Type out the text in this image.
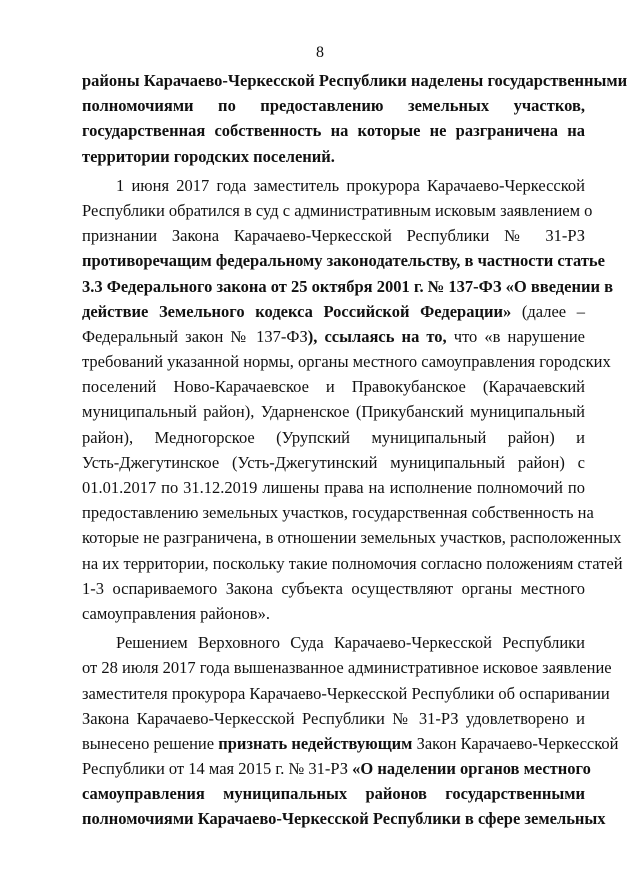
8
районы Карачаево-Черкесской Республики наделены государственными
полномочиями по предоставлению земельных участков,
государственная собственность на которые не разграничена на
территории городских поселений.
1 июня 2017 года заместитель прокурора Карачаево-Черкесской
Республики обратился в суд с административным исковым заявлением о
признании Закона Карачаево-Черкесской Республики № 31-РЗ
противоречащим федеральному законодательству, в частности статье
3.3 Федерального закона от 25 октября 2001 г. № 137-ФЗ «О введении в
действие Земельного кодекса Российской Федерации» (далее –
Федеральный закон № 137-ФЗ), ссылаясь на то, что «в нарушение
требований указанной нормы, органы местного самоуправления городских
поселений Ново-Карачаевское и Правокубанское (Карачаевский
муниципальный район), Ударненское (Прикубанский муниципальный
район), Медногорское (Урупский муниципальный район) и
Усть-Джегутинское (Усть-Джегутинский муниципальный район) с
01.01.2017 по 31.12.2019 лишены права на исполнение полномочий по
предоставлению земельных участков, государственная собственность на
которые не разграничена, в отношении земельных участков, расположенных
на их территории, поскольку такие полномочия согласно положениям статей
1-3 оспариваемого Закона субъекта осуществляют органы местного
самоуправления районов».
Решением Верховного Суда Карачаево-Черкесской Республики
от 28 июля 2017 года вышеназванное административное исковое заявление
заместителя прокурора Карачаево-Черкесской Республики об оспаривании
Закона Карачаево-Черкесской Республики № 31-РЗ удовлетворено и
вынесено решение признать недействующим Закон Карачаево-Черкесской
Республики от 14 мая 2015 г. № 31-РЗ «О наделении органов местного
самоуправления муниципальных районов государственными
полномочиями Карачаево-Черкесской Республики в сфере земельных
